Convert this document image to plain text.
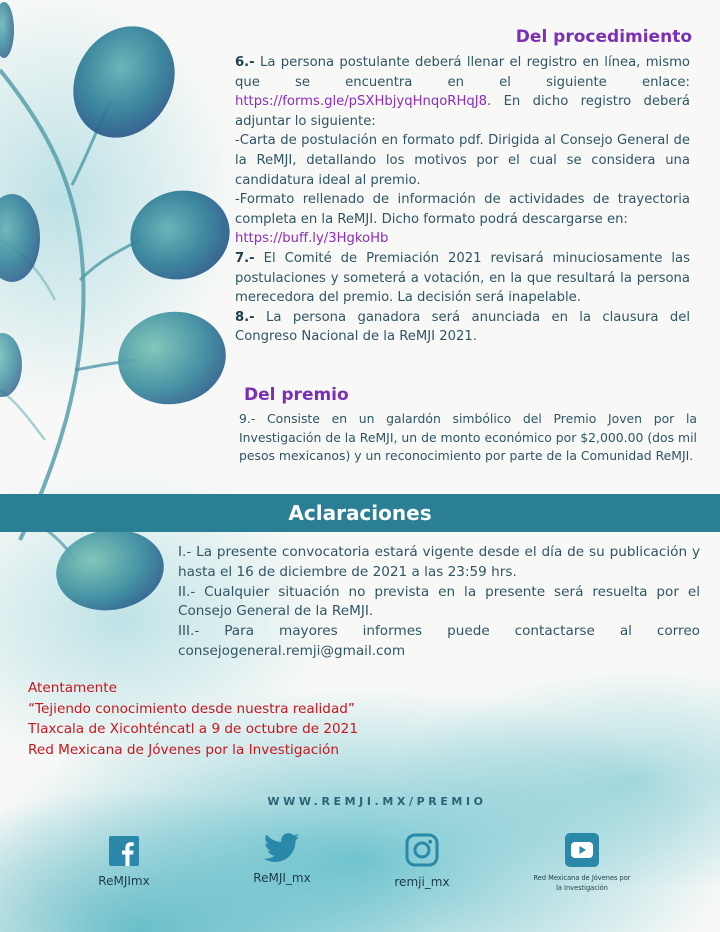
Del procedimiento

6.- La persona postulante deberá llenar el registro en línea, mismo que se encuentra en el siguiente enlace: https://forms.gle/pSXHbjyqHnqoRHqJ8. En dicho registro deberá adjuntar lo siguiente:

-Carta de postulación en formato pdf. Dirigida al Consejo General de la ReMJI, detallando los motivos por el cual se considera una candidatura ideal al premio.

-Formato rellenado de información de actividades de trayectoria completa en la ReMJI. Dicho formato podrá descargarse en:

https://buff.ly/3HgkoHb

7.- El Comité de Premiación 2021 revisará minuciosamente las postulaciones y someterá a votación, en la que resultará la persona merecedora del premio. La decisión será inapelable.

8.- La persona ganadora será anunciada en la clausura del Congreso Nacional de la ReMJI 2021.

Del premio
9.- Consiste en un galardón simbólico del Premio Joven por la Investigación de la ReMJI, un de monto económico por $2,000.00 (dos mil pesos mexicanos) y un reconocimiento por parte de la Comunidad ReMJI.
Aclaraciones

I.- La presente convocatoria estará vigente desde el día de su publicación y hasta el 16 de diciembre de 2021 a las 23:59 hrs.

II.- Cualquier situación no prevista en la presente será resuelta por el Consejo General de la ReMJI.

III.- Para mayores informes puede contactarse al correo consejogeneral.remji@gmail.com

Atentamente
“Tejiendo conocimiento desde nuestra realidad”
Tlaxcala de Xicohténcatl a 9 de octubre de 2021
Red Mexicana de Jóvenes por la Investigación
WWW.REMJI.MX/PREMIO
ReMJImx	ReMJI_mx	remji_mx	Red Mexicana de Jóvenes por la Investigación
